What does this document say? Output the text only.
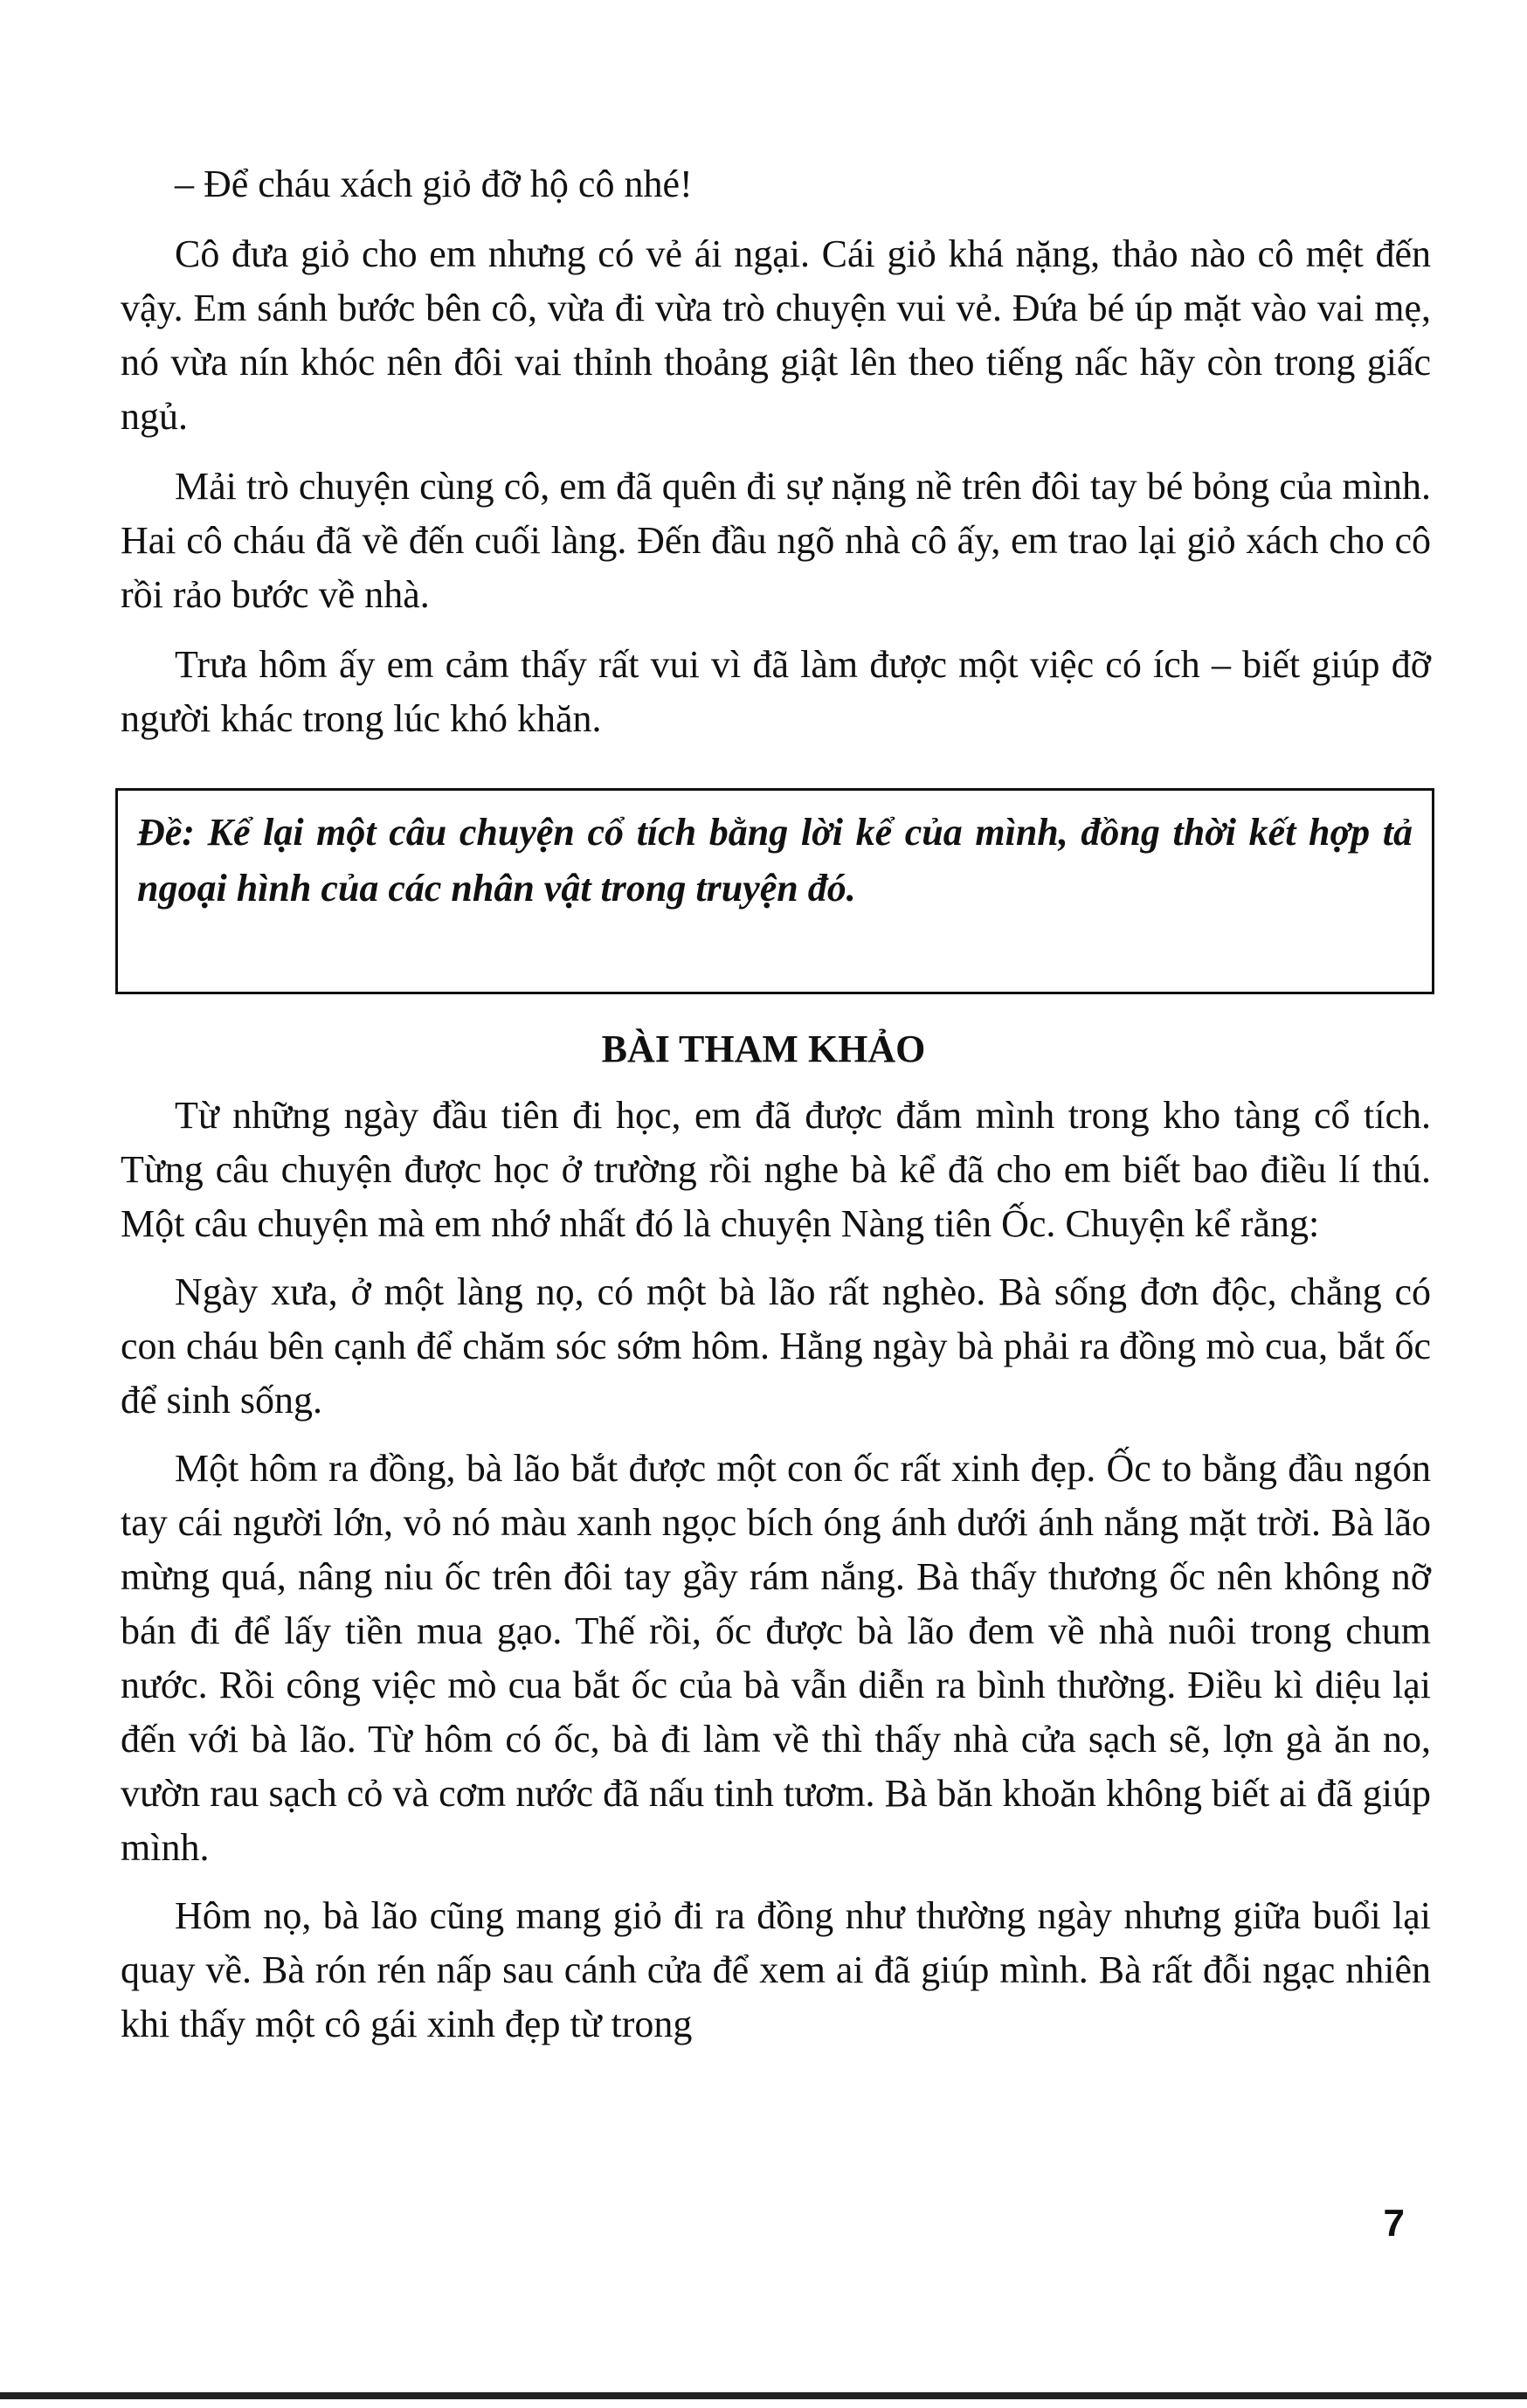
– Để cháu xách giỏ đỡ hộ cô nhé!

Cô đưa giỏ cho em nhưng có vẻ ái ngại. Cái giỏ khá nặng, thảo nào cô mệt đến vậy. Em sánh bước bên cô, vừa đi vừa trò chuyện vui vẻ. Đứa bé úp mặt vào vai mẹ, nó vừa nín khóc nên đôi vai thỉnh thoảng giật lên theo tiếng nấc hãy còn trong giấc ngủ.

Mải trò chuyện cùng cô, em đã quên đi sự nặng nề trên đôi tay bé bỏng của mình. Hai cô cháu đã về đến cuối làng. Đến đầu ngõ nhà cô ấy, em trao lại giỏ xách cho cô rồi rảo bước về nhà.

Trưa hôm ấy em cảm thấy rất vui vì đã làm được một việc có ích – biết giúp đỡ người khác trong lúc khó khăn.

Đề: Kể lại một câu chuyện cổ tích bằng lời kể của mình, đồng thời kết hợp tả ngoại hình của các nhân vật trong truyện đó.
BÀI THAM KHẢO

Từ những ngày đầu tiên đi học, em đã được đắm mình trong kho tàng cổ tích. Từng câu chuyện được học ở trường rồi nghe bà kể đã cho em biết bao điều lí thú. Một câu chuyện mà em nhớ nhất đó là chuyện Nàng tiên Ốc. Chuyện kể rằng:

Ngày xưa, ở một làng nọ, có một bà lão rất nghèo. Bà sống đơn độc, chẳng có con cháu bên cạnh để chăm sóc sớm hôm. Hằng ngày bà phải ra đồng mò cua, bắt ốc để sinh sống.

Một hôm ra đồng, bà lão bắt được một con ốc rất xinh đẹp. Ốc to bằng đầu ngón tay cái người lớn, vỏ nó màu xanh ngọc bích óng ánh dưới ánh nắng mặt trời. Bà lão mừng quá, nâng niu ốc trên đôi tay gầy rám nắng. Bà thấy thương ốc nên không nỡ bán đi để lấy tiền mua gạo. Thế rồi, ốc được bà lão đem về nhà nuôi trong chum nước. Rồi công việc mò cua bắt ốc của bà vẫn diễn ra bình thường. Điều kì diệu lại đến với bà lão. Từ hôm có ốc, bà đi làm về thì thấy nhà cửa sạch sẽ, lợn gà ăn no, vườn rau sạch cỏ và cơm nước đã nấu tinh tươm. Bà băn khoăn không biết ai đã giúp mình.

Hôm nọ, bà lão cũng mang giỏ đi ra đồng như thường ngày nhưng giữa buổi lại quay về. Bà rón rén nấp sau cánh cửa để xem ai đã giúp mình. Bà rất đỗi ngạc nhiên khi thấy một cô gái xinh đẹp từ trong

7
